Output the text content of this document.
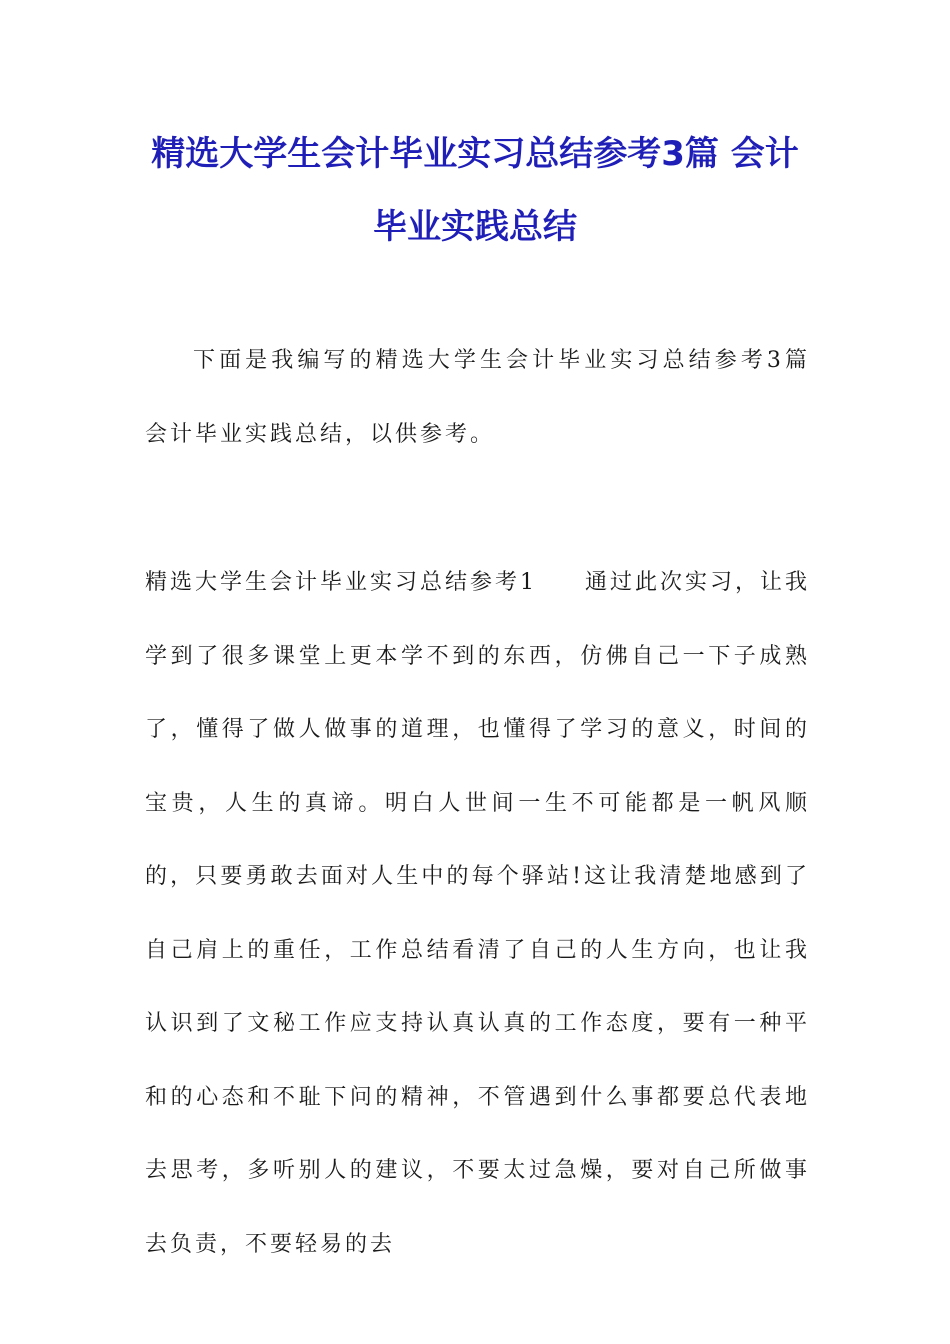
精选大学生会计毕业实习总结参考3篇 会计毕业实践总结

下面是我编写的精选大学生会计毕业实习总结参考3篇 会计毕业实践总结，以供参考。

精选大学生会计毕业实习总结参考1 通过此次实习，让我学到了很多课堂上更本学不到的东西，仿佛自己一下子成熟了，懂得了做人做事的道理，也懂得了学习的意义，时间的宝贵，人生的真谛。明白人世间一生不可能都是一帆风顺的，只要勇敢去面对人生中的每个驿站!这让我清楚地感到了自己肩上的重任，工作总结看清了自己的人生方向，也让我认识到了文秘工作应支持认真认真的工作态度，要有一种平和的心态和不耻下问的精神，不管遇到什么事都要总代表地去思考，多听别人的建议，不要太过急燥，要对自己所做事去负责，不要轻易的去
